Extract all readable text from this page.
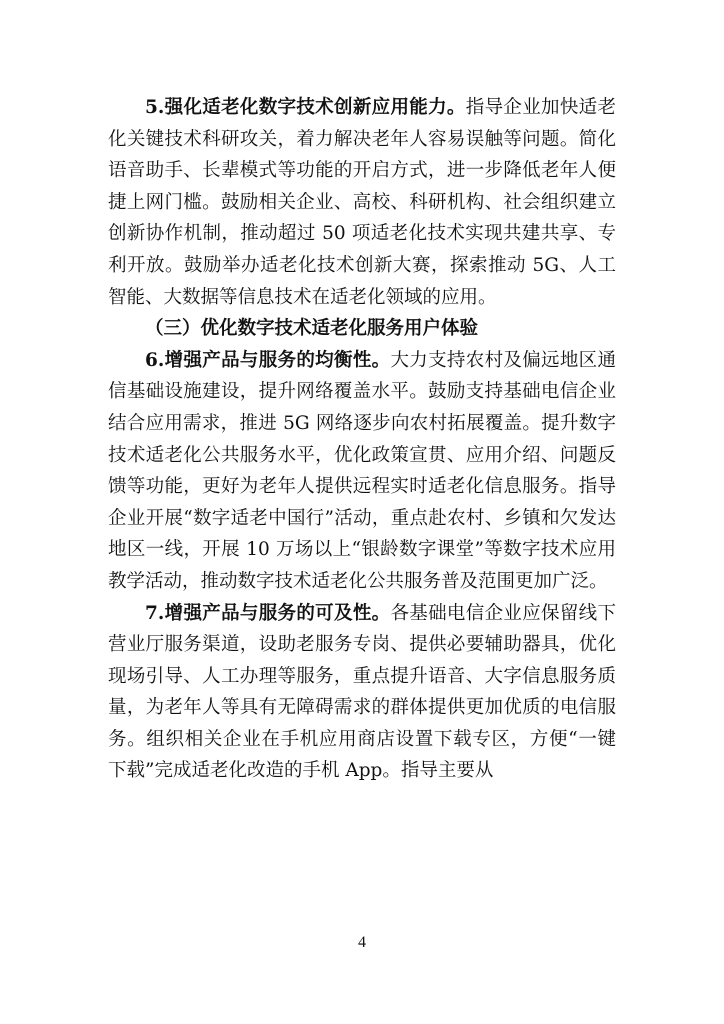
5.强化适老化数字技术创新应用能力。指导企业加快适老化关键技术科研攻关，着力解决老年人容易误触等问题。简化语音助手、长辈模式等功能的开启方式，进一步降低老年人便捷上网门槛。鼓励相关企业、高校、科研机构、社会组织建立创新协作机制，推动超过 50 项适老化技术实现共建共享、专利开放。鼓励举办适老化技术创新大赛，探索推动 5G、人工智能、大数据等信息技术在适老化领域的应用。

（三）优化数字技术适老化服务用户体验

6.增强产品与服务的均衡性。大力支持农村及偏远地区通信基础设施建设，提升网络覆盖水平。鼓励支持基础电信企业结合应用需求，推进 5G 网络逐步向农村拓展覆盖。提升数字技术适老化公共服务水平，优化政策宣贯、应用介绍、问题反馈等功能，更好为老年人提供远程实时适老化信息服务。指导企业开展“数字适老中国行”活动，重点赴农村、乡镇和欠发达地区一线，开展 10 万场以上“银龄数字课堂”等数字技术应用教学活动，推动数字技术适老化公共服务普及范围更加广泛。

7.增强产品与服务的可及性。各基础电信企业应保留线下营业厅服务渠道，设助老服务专岗、提供必要辅助器具，优化现场引导、人工办理等服务，重点提升语音、大字信息服务质量，为老年人等具有无障碍需求的群体提供更加优质的电信服务。组织相关企业在手机应用商店设置下载专区，方便“一键下载”完成适老化改造的手机 App。指导主要从

4
